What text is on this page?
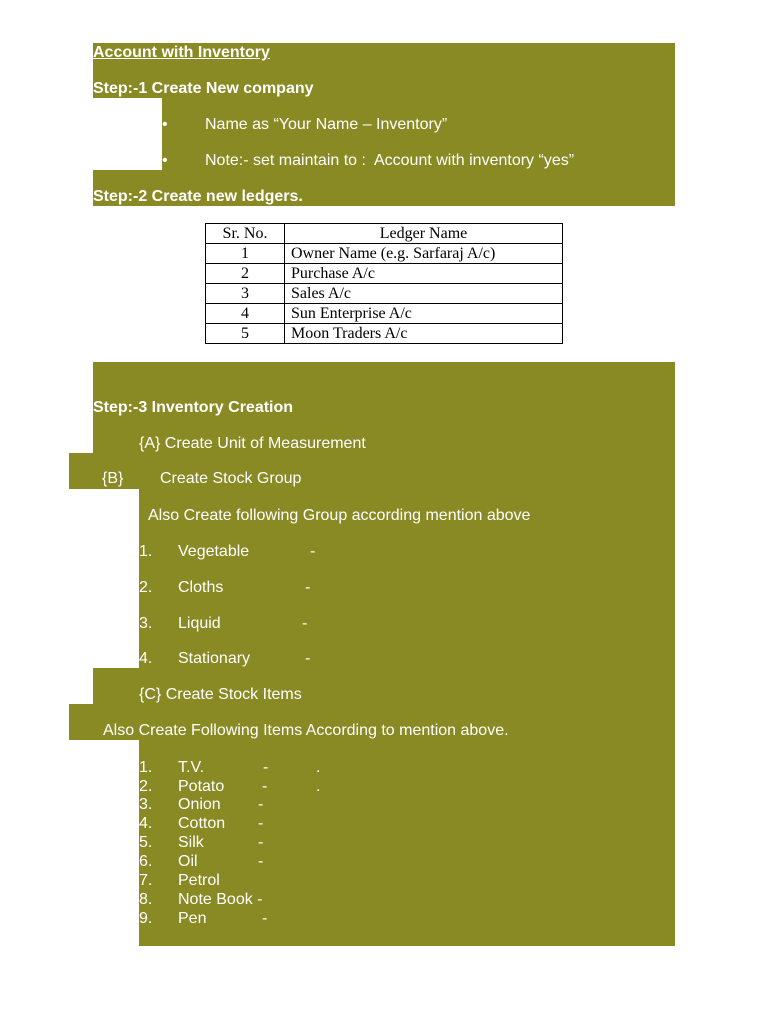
Account with Inventory
Step:-1 Create New company
• Name as “Your Name – Inventory”
• Note:- set maintain to :  Account with inventory “yes”
Step:-2 Create new ledgers.
Sr. No.	Ledger Name
1	Owner Name (e.g. Sarfaraj A/c)
2	Purchase A/c
3	Sales A/c
4	Sun Enterprise A/c
5	Moon Traders A/c
Step:-3 Inventory Creation
{A} Create Unit of Measurement
{B} Create Stock Group
Also Create following Group according mention above
1. Vegetable	-
2. Cloths	-
3. Liquid	-
4. Stationary	-
{C} Create Stock Items
Also Create Following Items According to mention above.
1. T.V.	-	.
2. Potato -	.
3. Onion -
4. Cotton -
5. Silk	-
6. Oil	-
7. Petrol
8. Note Book -
9. Pen	-
